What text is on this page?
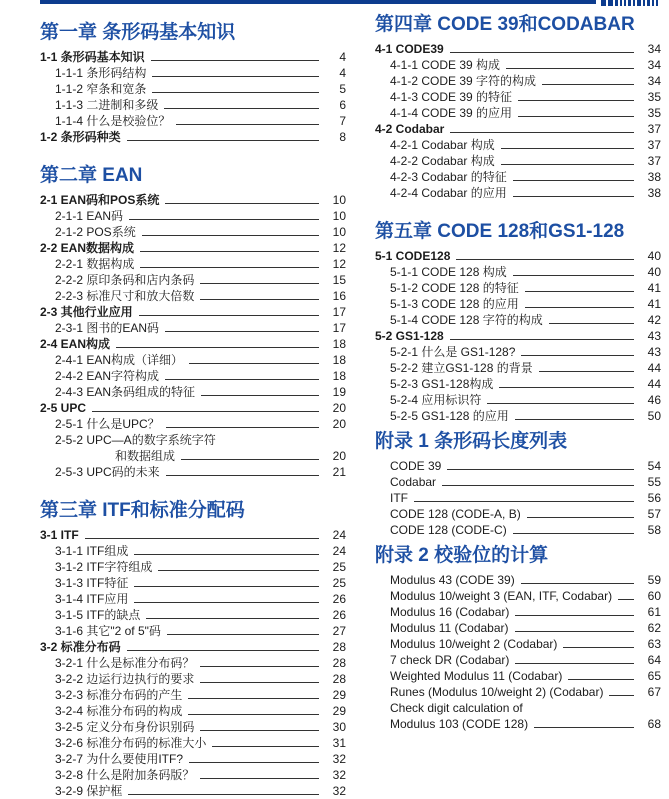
第一章 条形码基本知识
1-1 条形码基本知识	4
1-1-1 条形码结构	4
1-1-2 窄条和宽条	5
1-1-3 二进制和多级	6
1-1-4 什么是校验位？	7
1-2 条形码种类	8
第二章 EAN
2-1 EAN码和POS系统	10
2-1-1 EAN码	10
2-1-2 POS系统	10
2-2 EAN数据构成	12
2-2-1 数据构成	12
2-2-2 原印条码和店内条码	15
2-2-3 标准尺寸和放大倍数	16
2-3 其他行业应用	17
2-3-1 图书的EAN码	17
2-4 EAN构成	18
2-4-1 EAN构成（详细）	18
2-4-2 EAN字符构成	18
2-4-3 EAN条码组成的特征	19
2-5 UPC	20
2-5-1 什么是UPC？	20
2-5-2 UPC—A的数字系统字符
和数据组成	20
2-5-3 UPC码的未来	21
第三章 ITF和标准分配码
3-1 ITF	24
3-1-1 ITF组成	24
3-1-2 ITF字符组成	25
3-1-3 ITF特征	25
3-1-4 ITF应用	26
3-1-5 ITF的缺点	26
3-1-6 其它"2 of 5"码	27
3-2 标准分布码	28
3-2-1 什么是标准分布码？	28
3-2-2 边运行边执行的要求	28
3-2-3 标准分布码的产生	29
3-2-4 标准分布码的构成	29
3-2-5 定义分布身份识别码	30
3-2-6 标准分布码的标准大小	31
3-2-7 为什么要使用ITF?	32
3-2-8 什么是附加条码版？	32
3-2-9 保护框	32
第四章 CODE 39和CODABAR
4-1 CODE39	34
4-1-1 CODE 39 构成	34
4-1-2 CODE 39 字符的构成	34
4-1-3 CODE 39 的特征	35
4-1-4 CODE 39 的应用	35
4-2 Codabar	37
4-2-1 Codabar 构成	37
4-2-2 Codabar 构成	37
4-2-3 Codabar 的特征	38
4-2-4 Codabar 的应用	38
第五章 CODE 128和GS1-128
5-1 CODE128	40
5-1-1 CODE 128 构成	40
5-1-2 CODE 128 的特征	41
5-1-3 CODE 128 的应用	41
5-1-4 CODE 128 字符的构成	42
5-2 GS1-128	43
5-2-1 什么是 GS1-128?	43
5-2-2 建立GS1-128 的背景	44
5-2-3 GS1-128构成	44
5-2-4 应用标识符	46
5-2-5 GS1-128 的应用	50
附录 1 条形码长度列表
CODE 39	54
Codabar	55
ITF	56
CODE 128 (CODE-A, B)	57
CODE 128 (CODE-C)	58
附录 2 校验位的计算
Modulus 43 (CODE 39)	59
Modulus 10/weight 3 (EAN, ITF, Codabar)	60
Modulus 16 (Codabar)	61
Modulus 11 (Codabar)	62
Modulus 10/weight 2 (Codabar)	63
7 check DR (Codabar)	64
Weighted Modulus 11 (Codabar)	65
Runes (Modulus 10/weight 2) (Codabar)	67
Check digit calculation of
Modulus 103 (CODE 128)	68
